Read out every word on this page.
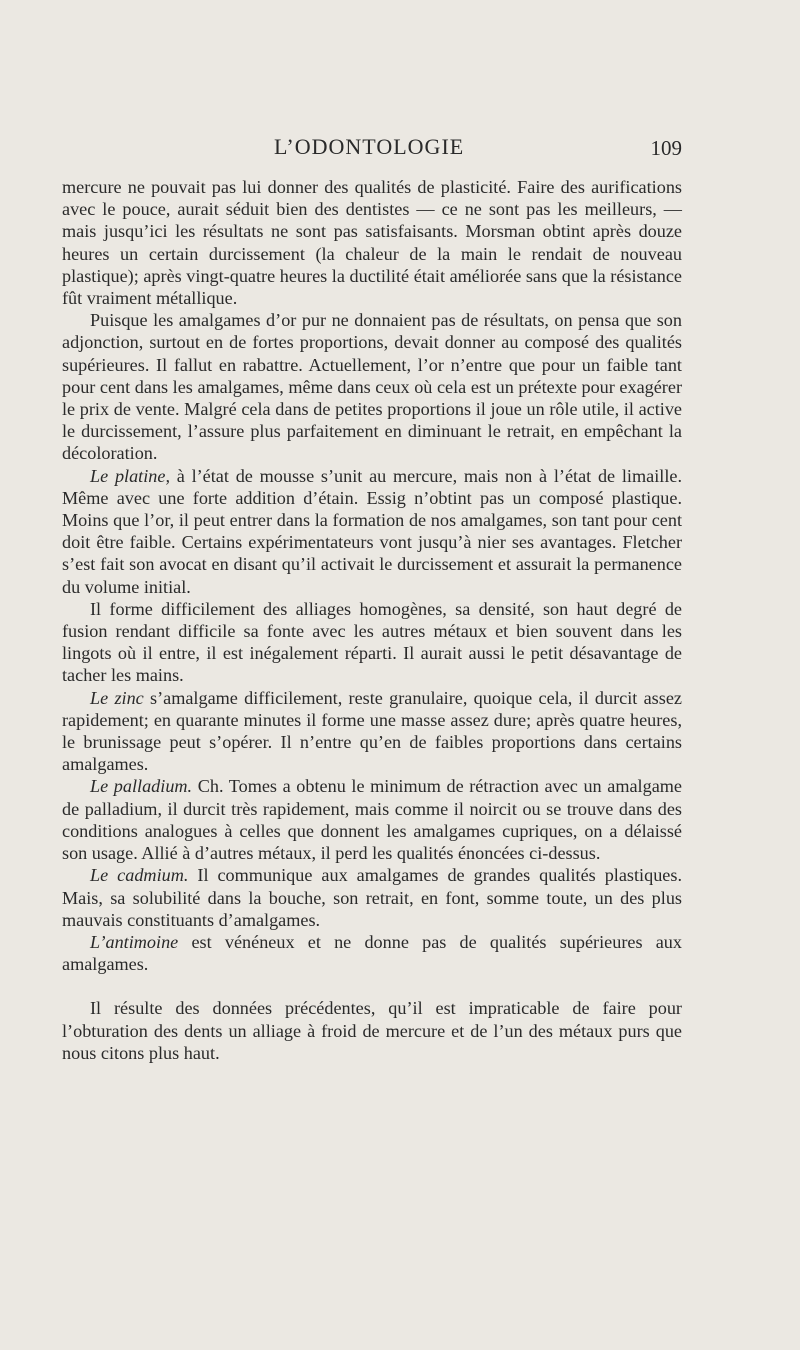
L’ODONTOLOGIE	109

mercure ne pouvait pas lui donner des qualités de plasticité. Faire des aurifications avec le pouce, aurait séduit bien des dentistes — ce ne sont pas les meilleurs, — mais jusqu’ici les résultats ne sont pas satisfaisants. Morsman obtint après douze heures un certain durcissement (la chaleur de la main le rendait de nouveau plastique); après vingt-quatre heures la ductilité était améliorée sans que la résistance fût vraiment métallique.

Puisque les amalgames d’or pur ne donnaient pas de résultats, on pensa que son adjonction, surtout en de fortes proportions, devait donner au composé des qualités supérieures. Il fallut en rabattre. Actuellement, l’or n’entre que pour un faible tant pour cent dans les amalgames, même dans ceux où cela est un prétexte pour exagérer le prix de vente. Malgré cela dans de petites proportions il joue un rôle utile, il active le durcissement, l’assure plus parfaitement en diminuant le retrait, en empêchant la décoloration.

Le platine, à l’état de mousse s’unit au mercure, mais non à l’état de limaille. Même avec une forte addition d’étain. Essig n’obtint pas un composé plastique. Moins que l’or, il peut entrer dans la formation de nos amalgames, son tant pour cent doit être faible. Certains expérimentateurs vont jusqu’à nier ses avantages. Fletcher s’est fait son avocat en disant qu’il activait le durcissement et assurait la permanence du volume initial.

Il forme difficilement des alliages homogènes, sa densité, son haut degré de fusion rendant difficile sa fonte avec les autres métaux et bien souvent dans les lingots où il entre, il est inégalement réparti. Il aurait aussi le petit désavantage de tacher les mains.

Le zinc s’amalgame difficilement, reste granulaire, quoique cela, il durcit assez rapidement; en quarante minutes il forme une masse assez dure; après quatre heures, le brunissage peut s’opérer. Il n’entre qu’en de faibles proportions dans certains amalgames.

Le palladium. Ch. Tomes a obtenu le minimum de rétraction avec un amalgame de palladium, il durcit très rapidement, mais comme il noircit ou se trouve dans des conditions analogues à celles que donnent les amalgames cupriques, on a délaissé son usage. Allié à d’autres métaux, il perd les qualités énoncées ci-dessus.

Le cadmium. Il communique aux amalgames de grandes qualités plastiques. Mais, sa solubilité dans la bouche, son retrait, en font, somme toute, un des plus mauvais constituants d’amalgames.

L’antimoine est vénéneux et ne donne pas de qualités supérieures aux amalgames.

Il résulte des données précédentes, qu’il est impraticable de faire pour l’obturation des dents un alliage à froid de mercure et de l’un des métaux purs que nous citons plus haut.
